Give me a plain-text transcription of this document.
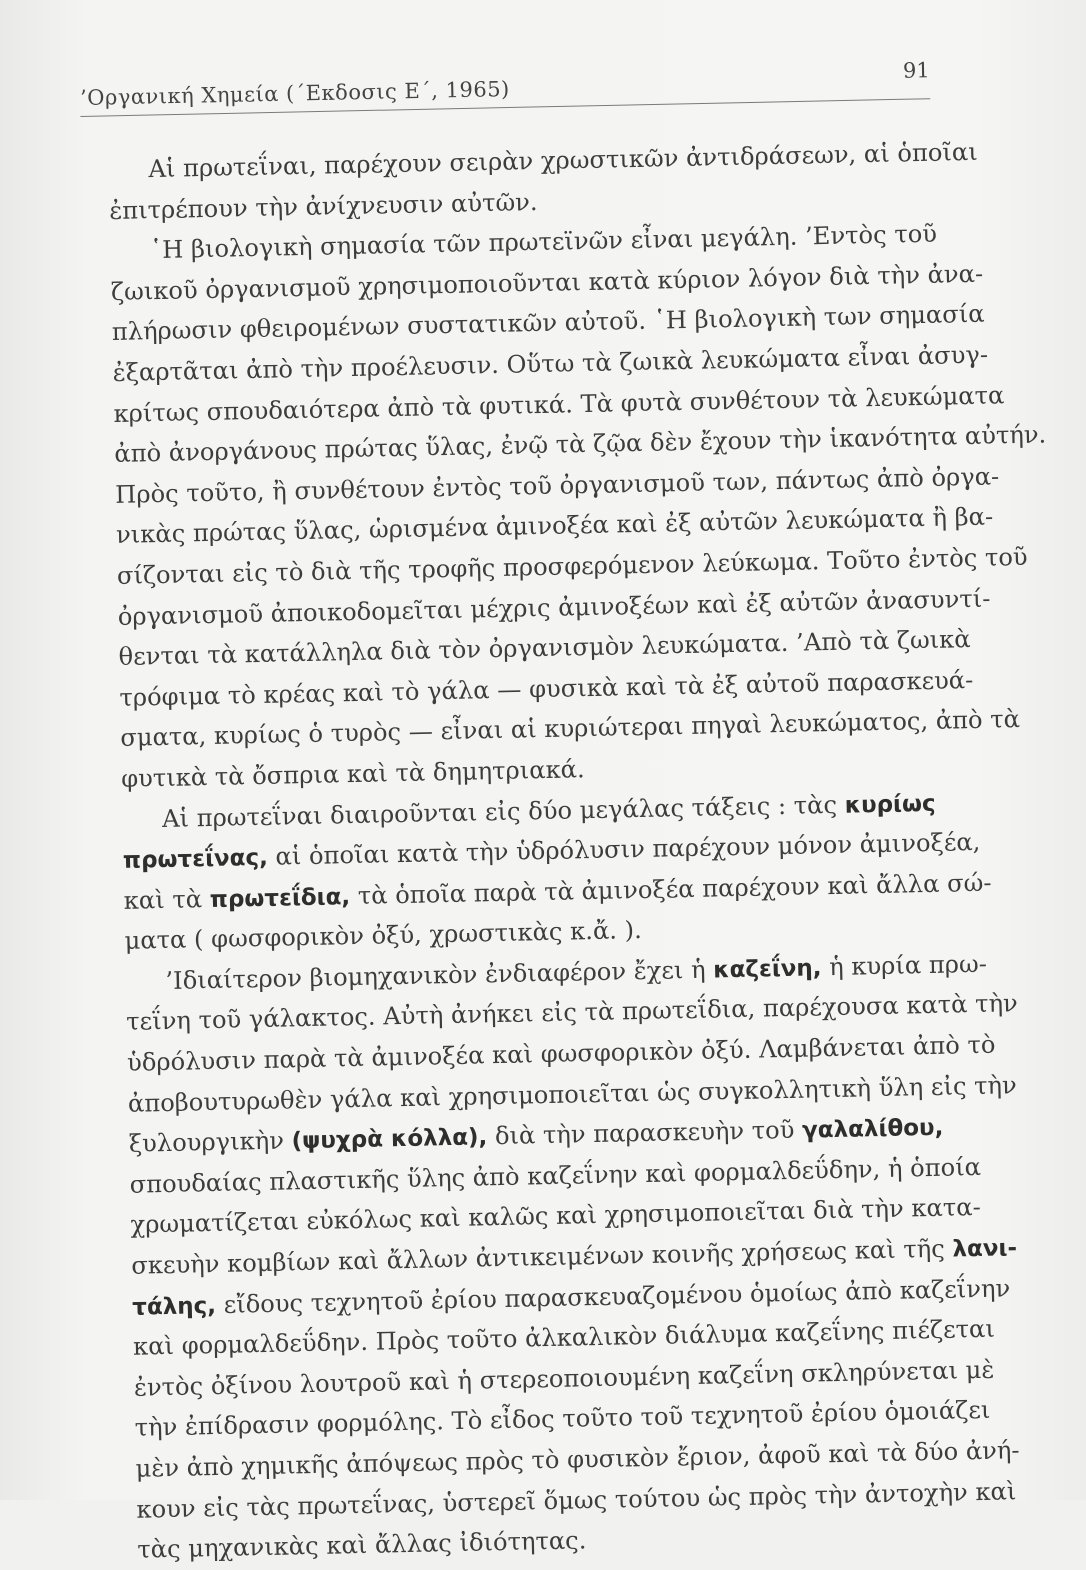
’Οργανική Χημεία (΄Εκδοσις Ε΄, 1965)
91
Αἱ πρωτεΐναι, παρέχουν σειρὰν χρωστικῶν ἀντιδράσεων, αἱ ὁποῖαι
ἐπιτρέπουν τὴν ἀνίχνευσιν αὐτῶν.
῾Η βιολογικὴ σημασία τῶν πρωτεϊνῶν εἶναι μεγάλη. ’Εντὸς τοῦ
ζωικοῦ ὀργανισμοῦ χρησιμοποιοῦνται κατὰ κύριον λόγον διὰ τὴν ἀνα-
πλήρωσιν φθειρομένων συστατικῶν αὐτοῦ. ῾Η βιολογικὴ των σημασία
ἐξαρτᾶται ἀπὸ τὴν προέλευσιν. Οὕτω τὰ ζωικὰ λευκώματα εἶναι ἀσυγ-
κρίτως σπουδαιότερα ἀπὸ τὰ φυτικά. Τὰ φυτὰ συνθέτουν τὰ λευκώματα
ἀπὸ ἀνοργάνους πρώτας ὕλας, ἐνῷ τὰ ζῷα δὲν ἔχουν τὴν ἱκανότητα αὐτήν.
Πρὸς τοῦτο, ἢ συνθέτουν ἐντὸς τοῦ ὀργανισμοῦ των, πάντως ἀπὸ ὀργα-
νικὰς πρώτας ὕλας, ὡρισμένα ἀμινοξέα καὶ ἐξ αὐτῶν λευκώματα ἢ βα-
σίζονται εἰς τὸ διὰ τῆς τροφῆς προσφερόμενον λεύκωμα. Τοῦτο ἐντὸς τοῦ
ὀργανισμοῦ ἀποικοδομεῖται μέχρις ἀμινοξέων καὶ ἐξ αὐτῶν ἀνασυντί-
θενται τὰ κατάλληλα διὰ τὸν ὀργανισμὸν λευκώματα. ’Απὸ τὰ ζωικὰ
τρόφιμα τὸ κρέας καὶ τὸ γάλα — φυσικὰ καὶ τὰ ἐξ αὐτοῦ παρασκευά-
σματα, κυρίως ὁ τυρὸς — εἶναι αἱ κυριώτεραι πηγαὶ λευκώματος, ἀπὸ τὰ
φυτικὰ τὰ ὄσπρια καὶ τὰ δημητριακά.
Αἱ πρωτεΐναι διαιροῦνται εἰς δύο μεγάλας τάξεις : τὰς κυρίως
πρωτεΐνας, αἱ ὁποῖαι κατὰ τὴν ὑδρόλυσιν παρέχουν μόνον ἀμινοξέα,
καὶ τὰ πρωτεΐδια, τὰ ὁποῖα παρὰ τὰ ἀμινοξέα παρέχουν καὶ ἄλλα σώ-
ματα ( φωσφορικὸν ὀξύ, χρωστικὰς κ.ἄ. ).
’Ιδιαίτερον βιομηχανικὸν ἐνδιαφέρον ἔχει ἡ καζεΐνη, ἡ κυρία πρω-
τεΐνη τοῦ γάλακτος. Αὐτὴ ἀνήκει εἰς τὰ πρωτεΐδια, παρέχουσα κατὰ τὴν
ὑδρόλυσιν παρὰ τὰ ἀμινοξέα καὶ φωσφορικὸν ὀξύ. Λαμβάνεται ἀπὸ τὸ
ἀποβουτυρωθὲν γάλα καὶ χρησιμοποιεῖται ὡς συγκολλητικὴ ὕλη εἰς τὴν
ξυλουργικὴν (ψυχρὰ κόλλα), διὰ τὴν παρασκευὴν τοῦ γαλαλίθου,
σπουδαίας πλαστικῆς ὕλης ἀπὸ καζεΐνην καὶ φορμαλδεΰδην, ἡ ὁποία
χρωματίζεται εὐκόλως καὶ καλῶς καὶ χρησιμοποιεῖται διὰ τὴν κατα-
σκευὴν κομβίων καὶ ἄλλων ἀντικειμένων κοινῆς χρήσεως καὶ τῆς λανι-
τάλης, εἴδους τεχνητοῦ ἐρίου παρασκευαζομένου ὁμοίως ἀπὸ καζεΐνην
καὶ φορμαλδεΰδην. Πρὸς τοῦτο ἀλκαλικὸν διάλυμα καζεΐνης πιέζεται
ἐντὸς ὀξίνου λουτροῦ καὶ ἡ στερεοποιουμένη καζεΐνη σκληρύνεται μὲ
τὴν ἐπίδρασιν φορμόλης. Τὸ εἶδος τοῦτο τοῦ τεχνητοῦ ἐρίου ὁμοιάζει
μὲν ἀπὸ χημικῆς ἀπόψεως πρὸς τὸ φυσικὸν ἔριον, ἀφοῦ καὶ τὰ δύο ἀνή-
κουν εἰς τὰς πρωτεΐνας, ὑστερεῖ ὅμως τούτου ὡς πρὸς τὴν ἀντοχὴν καὶ
τὰς μηχανικὰς καὶ ἄλλας ἰδιότητας.
